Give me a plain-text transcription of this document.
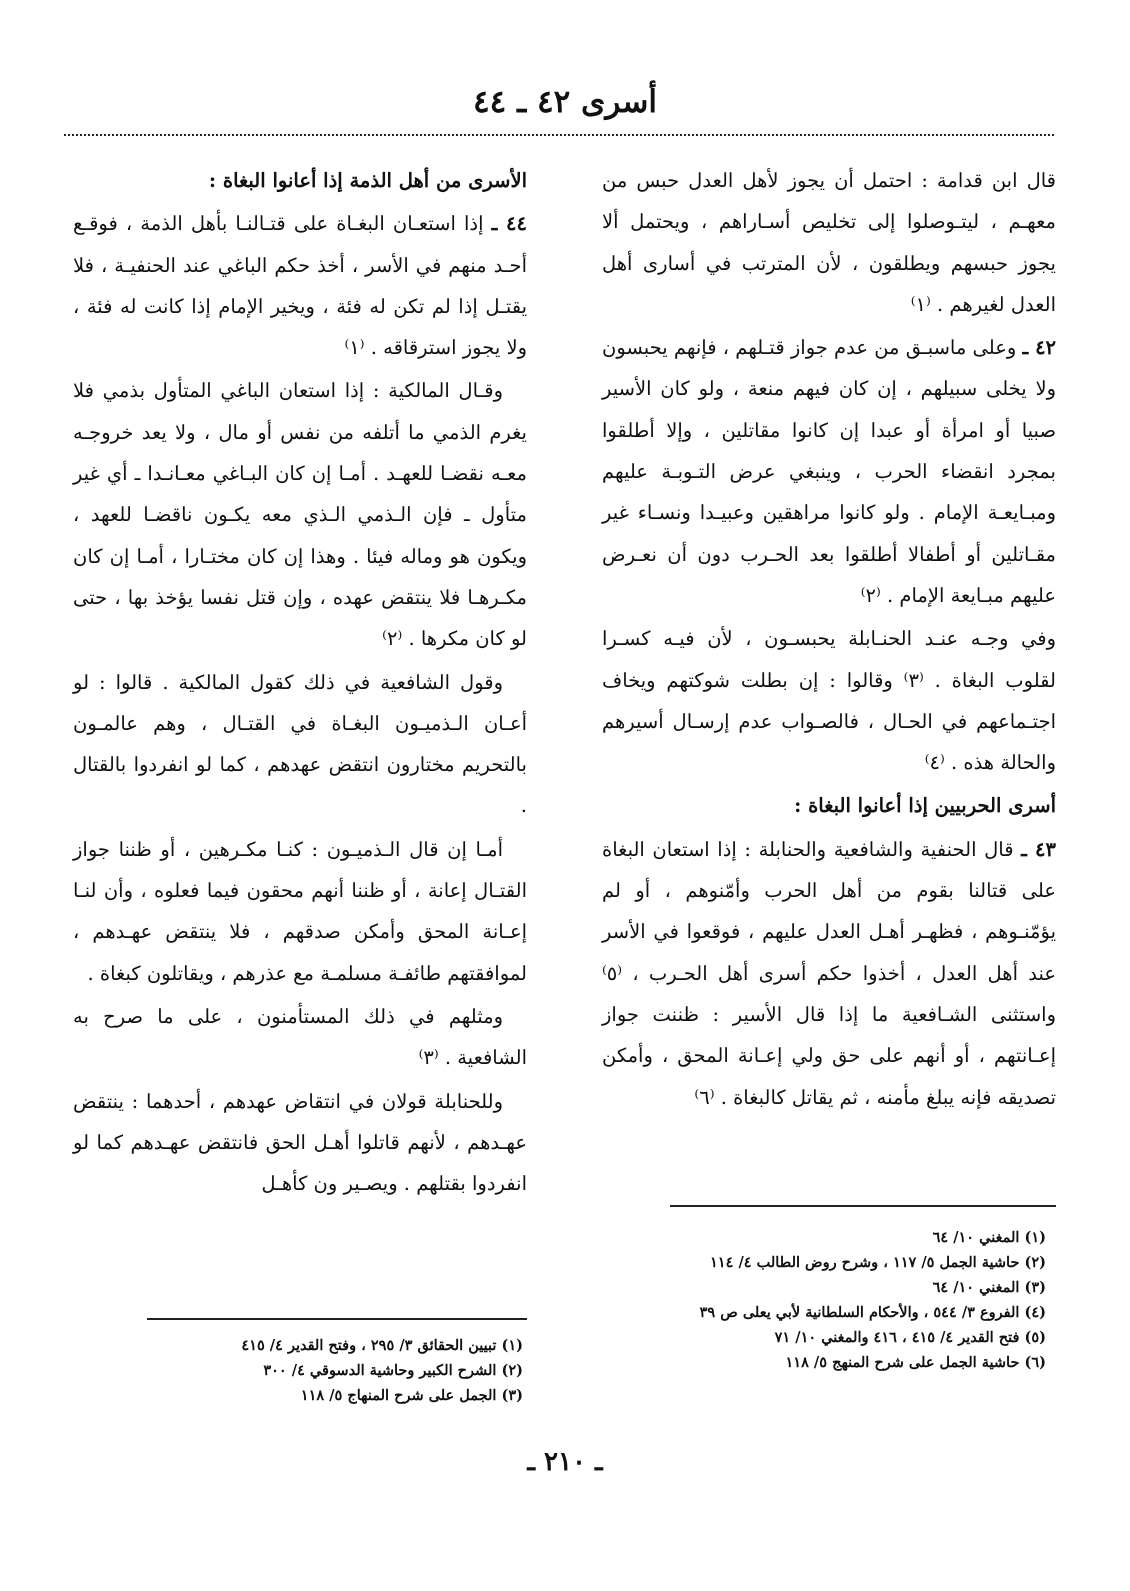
أسرى ٤٢ ـ ٤٤

قال ابن قدامة : احتمل أن يجوز لأهل العدل حبس من معهـم ، ليتـوصلوا إلى تخليص أسـاراهم ، ويحتمل ألا يجوز حبسهم ويطلقون ، لأن المترتب في أسارى أهل العدل لغيرهم . ⁽١⁾

٤٢ ـ وعلى ماسبـق من عدم جواز قتـلهم ، فإنهم يحبسون ولا يخلى سبيلهم ، إن كان فيهم منعة ، ولو كان الأسير صبيا أو امرأة أو عبدا إن كانوا مقاتلين ، وإلا أطلقوا بمجرد انقضاء الحرب ، وينبغي عرض التـوبـة عليهم ومبـايعـة الإمام . ولو كانوا مراهقين وعبيـدا ونسـاء غير مقـاتلين أو أطفالا أطلقوا بعد الحـرب دون أن نعـرض عليهم مبـايعة الإمام . ⁽٢⁾

وفي وجـه عنـد الحنـابلة يحبسـون ، لأن فيـه كسـرا لقلوب البغاة . ⁽٣⁾ وقالوا : إن بطلت شوكتهم ويخاف اجتـماعهم في الحـال ، فالصـواب عدم إرسـال أسيرهم والحالة هذه . ⁽٤⁾

أسرى الحربيين إذا أعانوا البغاة :

٤٣ ـ قال الحنفية والشافعية والحنابلة : إذا استعان البغاة على قتالنا بقوم من أهل الحرب وأمّنوهم ، أو لم يؤمّنـوهم ، فظهـر أهـل العدل عليهم ، فوقعوا في الأسر عند أهل العدل ، أخذوا حكم أسرى أهل الحـرب ، ⁽٥⁾ واستثنى الشـافعية ما إذا قال الأسير : ظننت جواز إعـانتهم ، أو أنهم على حق ولي إعـانة المحق ، وأمكن تصديقه فإنه يبلغ مأمنه ، ثم يقاتل كالبغاة . ⁽٦⁾

الأسرى من أهل الذمة إذا أعانوا البغاة :

٤٤ ـ إذا استعـان البغـاة على قتـالنـا بأهل الذمة ، فوقـع أحـد منهم في الأسر ، أخذ حكم الباغي عند الحنفيـة ، فلا يقتـل إذا لم تكن له فئة ، ويخير الإمام إذا كانت له فئة ، ولا يجوز استرقاقه . ⁽١⁾

وقـال المالكية : إذا استعان الباغي المتأول بذمي فلا يغرم الذمي ما أتلفه من نفس أو مال ، ولا يعد خروجـه معـه نقضـا للعهـد . أمـا إن كان البـاغي معـانـدا ـ أي غير متأول ـ فإن الـذمي الـذي معه يكـون ناقضـا للعهد ، ويكون هو وماله فيئا . وهذا إن كان مختـارا ، أمـا إن كان مكـرهـا فلا ينتقض عهده ، وإن قتل نفسا يؤخذ بها ، حتى لو كان مكرها . ⁽٢⁾

وقول الشافعية في ذلك كقول المالكية . قالوا : لو أعـان الـذميـون البغـاة في القتـال ، وهم عالمـون بالتحريم مختارون انتقض عهدهم ، كما لو انفردوا بالقتال .

أمـا إن قال الـذميـون : كنـا مكـرهين ، أو ظننا جواز القتـال إعانة ، أو ظننا أنهم محقون فيما فعلوه ، وأن لنـا إعـانة المحق وأمكن صدقهم ، فلا ينتقض عهـدهم ، لموافقتهم طائفـة مسلمـة مع عذرهم ، ويقاتلون كبغاة .

ومثلهم في ذلك المستأمنون ، على ما صرح به الشافعية . ⁽٣⁾

وللحنابلة قولان في انتقاض عهدهم ، أحدهما : ينتقض عهـدهم ، لأنهم قاتلوا أهـل الحق فانتقض عهـدهم كما لو انفردوا بقتلهم . ويصـير ون كأهـل

(١) المغني ١٠/ ٦٤
(٢) حاشية الجمل ٥/ ١١٧ ، وشرح روض الطالب ٤/ ١١٤
(٣) المغني ١٠/ ٦٤
(٤) الفروع ٣/ ٥٤٤ ، والأحكام السلطانية لأبي يعلى ص ٣٩
(٥) فتح القدير ٤/ ٤١٥ ، ٤١٦ والمغني ١٠/ ٧١
(٦) حاشية الجمل على شرح المنهج ٥/ ١١٨
(١) تبيين الحقائق ٣/ ٢٩٥ ، وفتح القدير ٤/ ٤١٥
(٢) الشرح الكبير وحاشية الدسوقي ٤/ ٣٠٠
(٣) الجمل على شرح المنهاج ٥/ ١١٨
ـ ٢١٠ ـ
